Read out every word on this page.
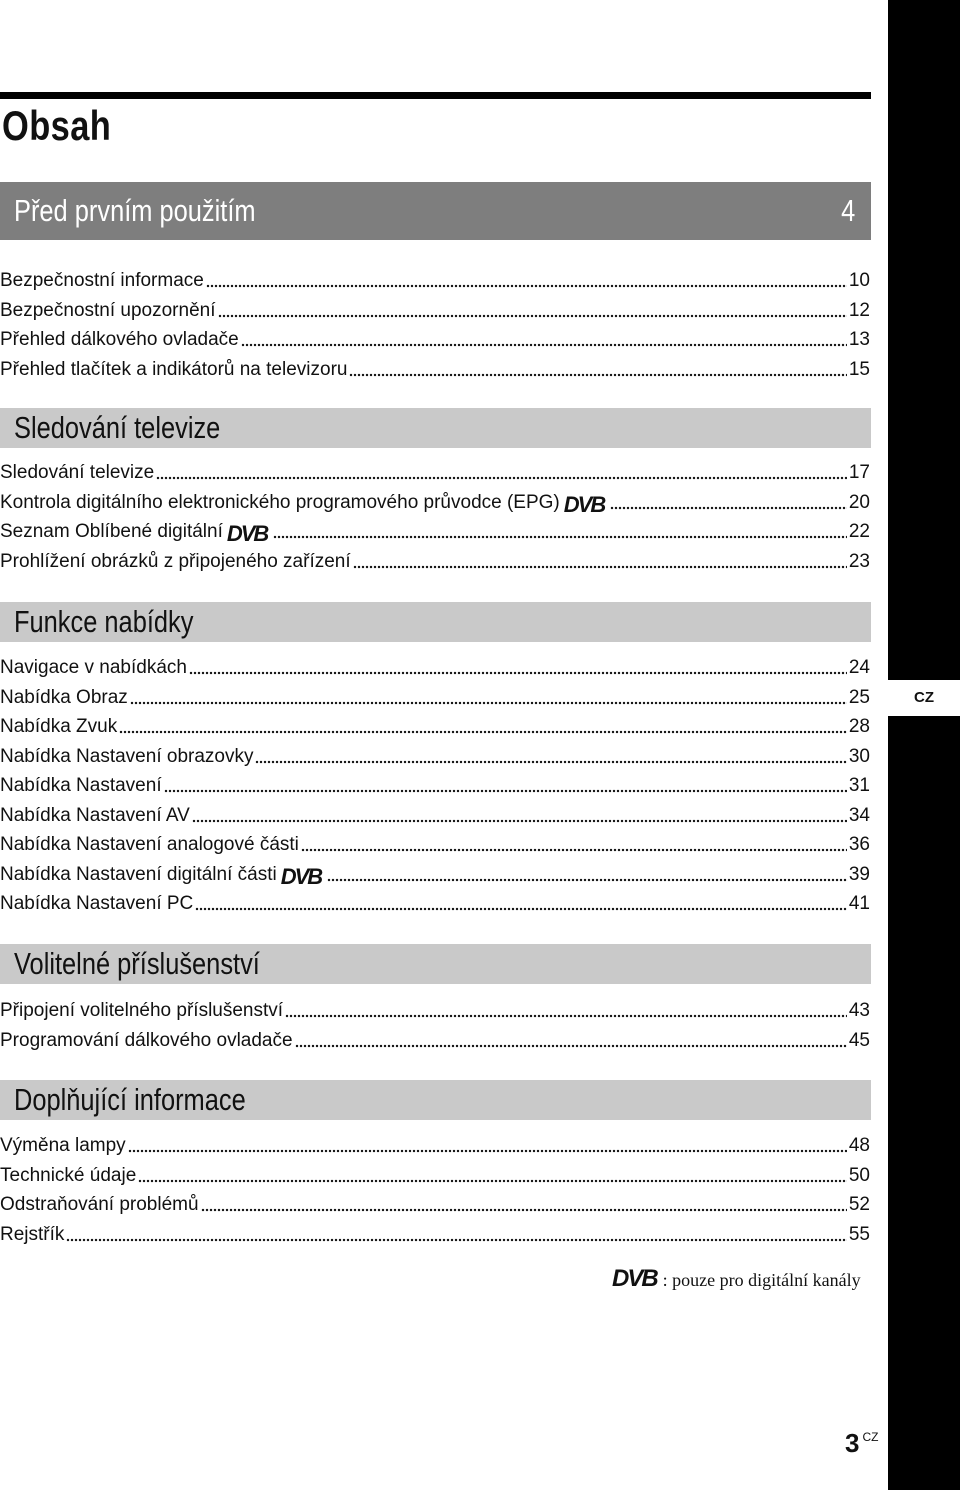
CZ
Obsah
Před prvním použitím	4
Bezpečnostní informace	10
Bezpečnostní upozornění	12
Přehled dálkového ovladače	13
Přehled tlačítek a indikátorů na televizoru	15
Sledování televize
Sledování televize	17
Kontrola digitálního elektronického programového průvodce (EPG) DVB	20
Seznam Oblíbené digitální DVB	22
Prohlížení obrázků z připojeného zařízení	23
Funkce nabídky
Navigace v nabídkách	24
Nabídka Obraz	25
Nabídka Zvuk	28
Nabídka Nastavení obrazovky	30
Nabídka Nastavení	31
Nabídka Nastavení AV	34
Nabídka Nastavení analogové části	36
Nabídka Nastavení digitální části DVB	39
Nabídka Nastavení PC	41
Volitelné příslušenství
Připojení volitelného příslušenství	43
Programování dálkového ovladače	45
Doplňující informace
Výměna lampy	48
Technické údaje	50
Odstraňování problémů	52
Rejstřík	55
DVB : pouze pro digitální kanály
3 $^{CZ}$
